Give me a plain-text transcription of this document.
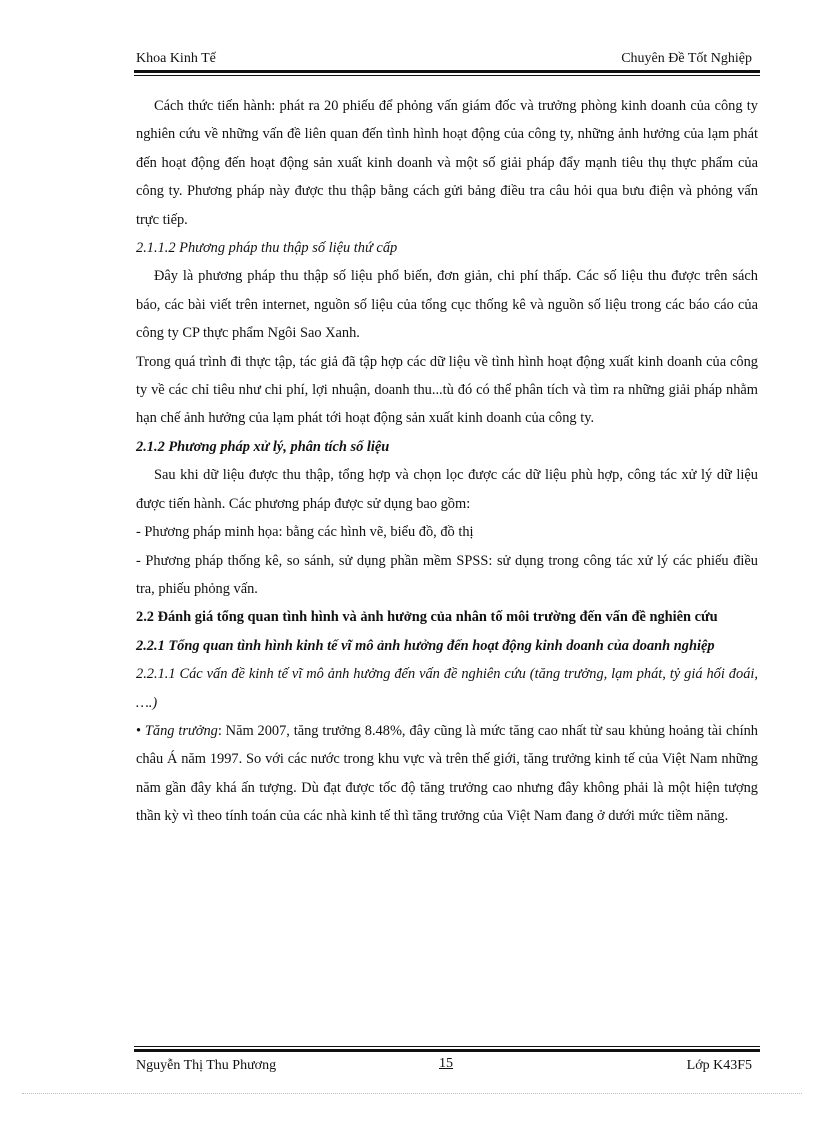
Khoa Kinh Tế	Chuyên Đề Tốt Nghiệp

Cách thức tiến hành: phát ra 20 phiếu để phỏng vấn giám đốc và trưởng phòng kinh doanh của công ty nghiên cứu về những vấn đề liên quan đến tình hình hoạt động của công ty, những ảnh hưởng của lạm phát đến hoạt động đến hoạt động sản xuất kinh doanh và một số giải pháp đẩy mạnh tiêu thụ thực phẩm của công ty. Phương pháp này được thu thập bằng cách gửi bảng điều tra câu hỏi qua bưu điện và phỏng vấn trực tiếp.

2.1.1.2 Phương pháp thu thập số liệu thứ cấp

Đây là phương pháp thu thập số liệu phổ biến, đơn giản, chi phí thấp. Các số liệu thu được trên sách báo, các bài viết trên internet, nguồn số liệu của tổng cục thống kê và nguồn số liệu trong các báo cáo của công ty CP thực phẩm Ngôi Sao Xanh.

Trong quá trình đi thực tập, tác giả đã tập hợp các dữ liệu về tình hình hoạt động xuất kinh doanh của công ty về các chỉ tiêu như chi phí, lợi nhuận, doanh thu...tù đó có thể phân tích và tìm ra những giải pháp nhằm hạn chế ảnh hưởng của lạm phát tới hoạt động sản xuất kinh doanh của công ty.

2.1.2 Phương pháp xử lý, phân tích số liệu

Sau khi dữ liệu được thu thập, tổng hợp và chọn lọc được các dữ liệu phù hợp, công tác xử lý dữ liệu được tiến hành. Các phương pháp được sử dụng bao gồm:

- Phương pháp minh họa: bằng các hình vẽ, biểu đồ, đồ thị

- Phương pháp thống kê, so sánh, sử dụng phần mềm SPSS: sử dụng trong công tác xử lý các phiếu điều tra, phiếu phỏng vấn.

2.2 Đánh giá tổng quan tình hình và ảnh hưởng của nhân tố môi trường đến vấn đề nghiên cứu

2.2.1 Tổng quan tình hình kinh tế vĩ mô ảnh hưởng đến hoạt động kinh doanh của doanh nghiệp

2.2.1.1 Các vấn đề kinh tế vĩ mô ảnh hưởng đến vấn đề nghiên cứu (tăng trưởng, lạm phát, tỷ giá hối đoái, ….)

• Tăng trưởng: Năm 2007, tăng trưởng 8.48%, đây cũng là mức tăng cao nhất từ sau khủng hoảng tài chính châu Á năm 1997. So với các nước trong khu vực và trên thế giới, tăng trưởng kinh tế của Việt Nam những năm gần đây khá ấn tượng. Dù đạt được tốc độ tăng trưởng cao nhưng đây không phải là một hiện tượng thần kỳ vì theo tính toán của các nhà kinh tế thì tăng trưởng của Việt Nam đang ở dưới mức tiềm năng.

Nguyễn Thị Thu Phương	15	Lớp K43F5
